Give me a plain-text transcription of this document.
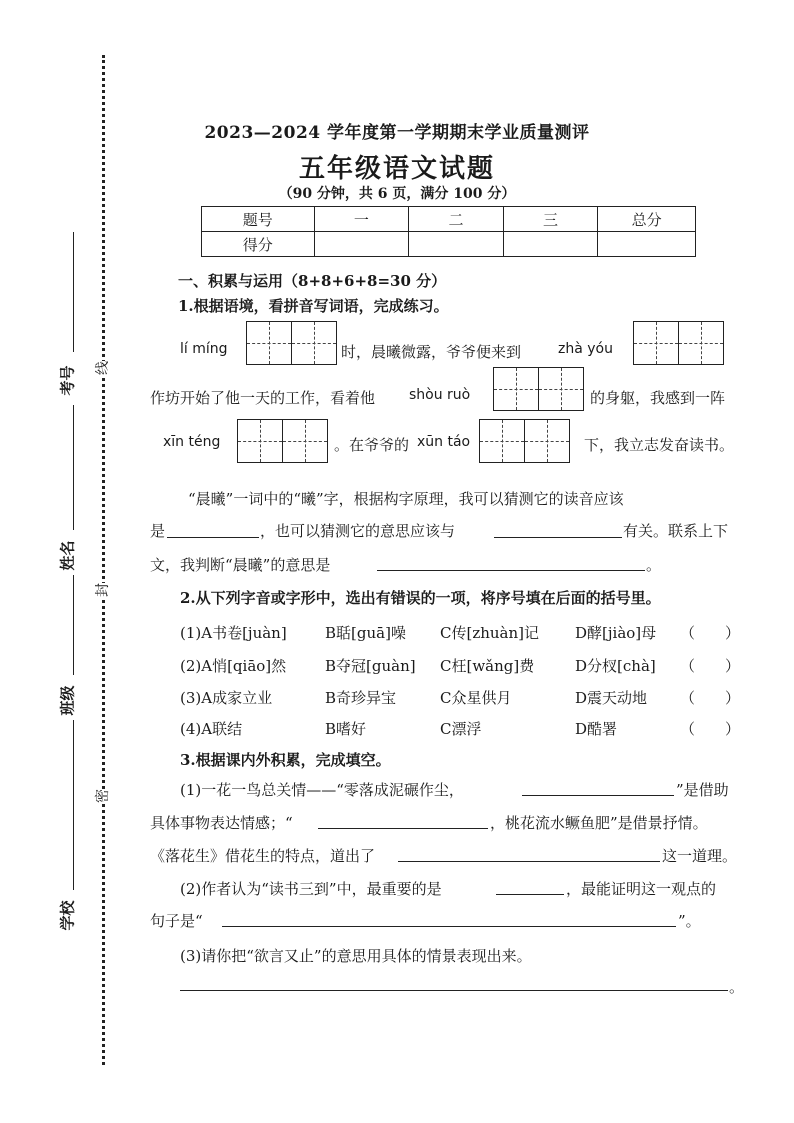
考号
姓名
班级
学校
线
封
密
2023—2024 学年度第一学期期末学业质量测评
五年级语文试题
（90 分钟，共 6 页，满分 100 分）
题号	一	二	三	总分
得分				
一、积累与运用（8+8+6+8=30 分）
1.根据语境，看拼音写词语，完成练习。
lí míng	时，晨曦微露，爷爷便来到	zhà yóu
作坊开始了他一天的工作，看着他 shòu ruò	的身躯，我感到一阵
xīn téng	。在爷爷的 xūn táo	下，我立志发奋读书。
“晨曦”一词中的“曦”字，根据构字原理，我可以猜测它的读音应该
是	，也可以猜测它的意思应该与	有关。联系上下
文，我判断“晨曦”的意思是	。
2.从下列字音或字形中，选出有错误的一项，将序号填在后面的括号里。
(1)A书卷[juàn]	B聒[guā]噪 C传[zhuàn]记 D酵[jiào]母 （　　）
(2)A悄[qiāo]然	B夺冠[guàn] C枉[wǎng]费	D分杈[chà] （　　）
(3)A成家立业	B奇珍异宝	C众星供月	D震天动地 （　　）
(4)A联结	B嗜好	C漂浮	D酷署	（　　）
3.根据课内外积累，完成填空。
(1)一花一鸟总关情——“零落成泥碾作尘，	”是借助
具体事物表达情感；“	，桃花流水鳜鱼肥”是借景抒情。
《落花生》借花生的特点，道出了	这一道理。
(2)作者认为“读书三到”中，最重要的是	，最能证明这一观点的
句子是“	”。
(3)请你把“欲言又止”的意思用具体的情景表现出来。
。
